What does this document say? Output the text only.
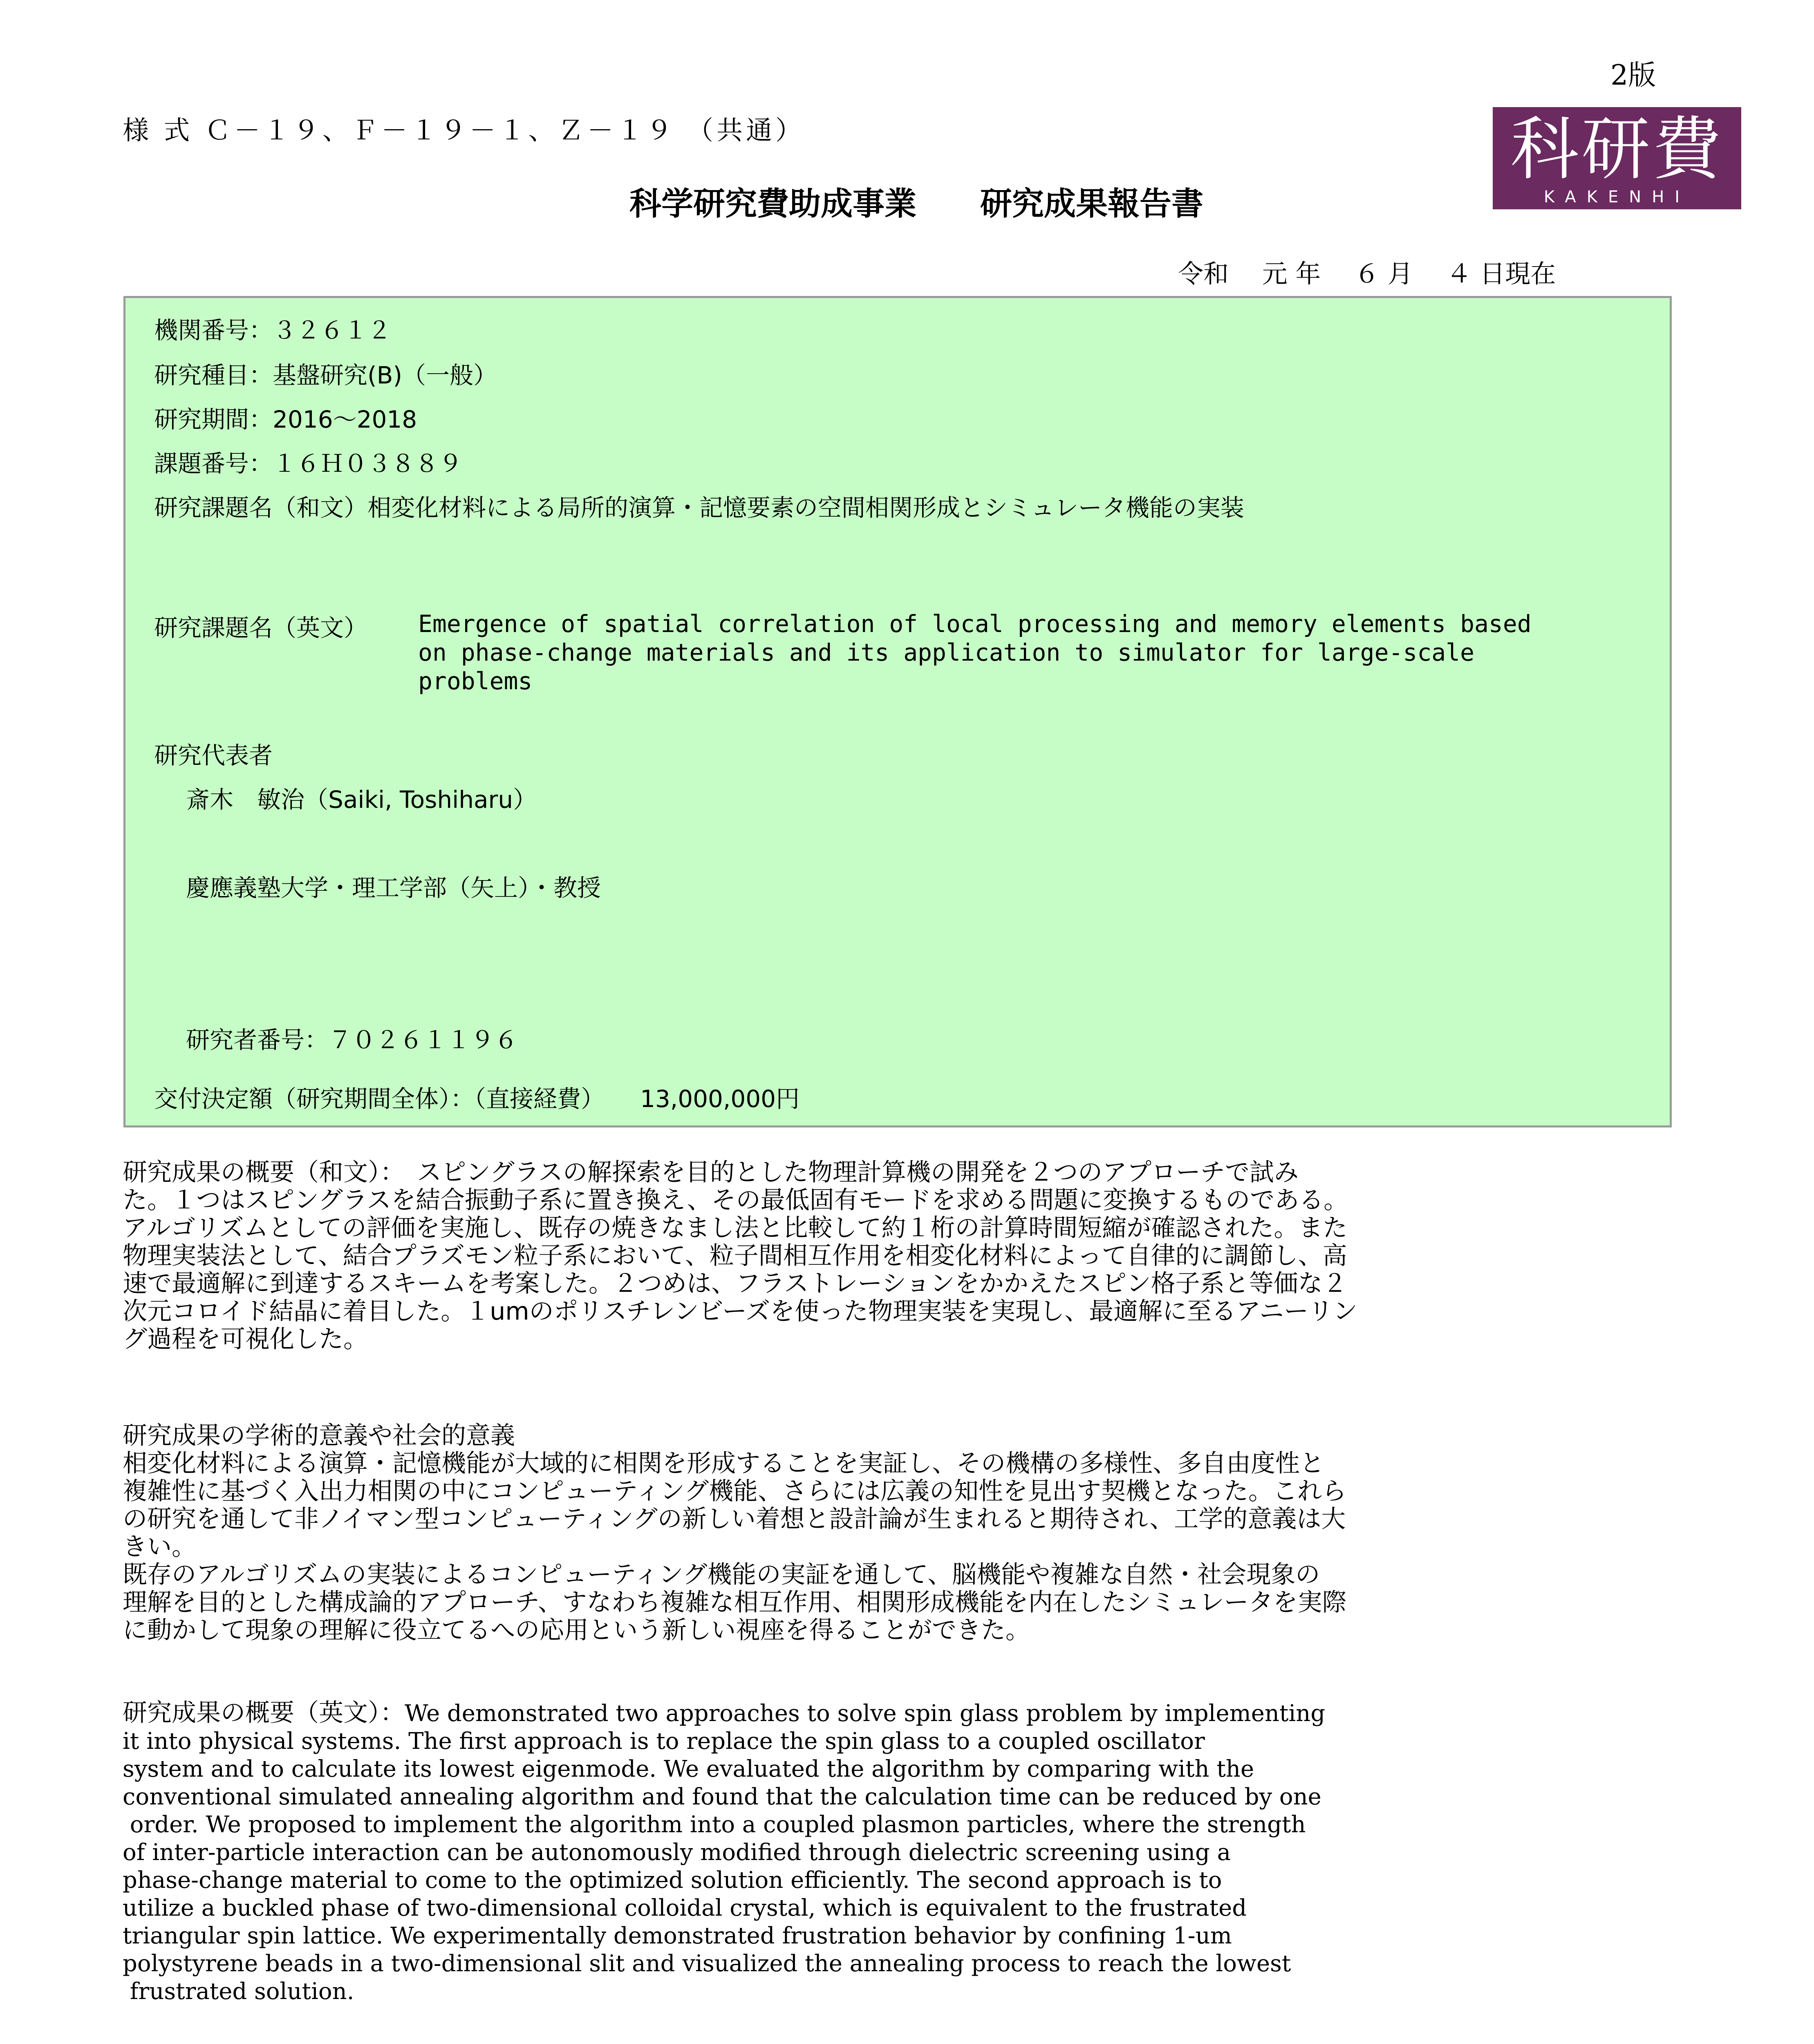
2版
様 式 Ｃ－１９、Ｆ－１９－１、Ｚ－１９ （共通）	科研費
KAKENHI
科学研究費助成事業　　研究成果報告書
令和　 元 年　 ６ 月　 ４ 日現在
機関番号：３２６１２
研究種目：基盤研究(B)（一般）
研究期間：2016～2018
課題番号：１６Ｈ０３８８９
研究課題名（和文）相変化材料による局所的演算・記憶要素の空間相関形成とシミュレータ機能の実装
研究課題名（英文） Emergence of spatial correlation of local processing and memory elements based
on phase-change materials and its application to simulator for large-scale
problems
研究代表者
斎木　敏治（Saiki, Toshiharu）
慶應義塾大学・理工学部（矢上）・教授
研究者番号：７０２６１１９６
交付決定額（研究期間全体）：（直接経費）　　13,000,000円
研究成果の概要（和文）：　スピングラスの解探索を目的とした物理計算機の開発を２つのアプローチで試み
た。１つはスピングラスを結合振動子系に置き換え、その最低固有モードを求める問題に変換するものである。
アルゴリズムとしての評価を実施し、既存の焼きなまし法と比較して約１桁の計算時間短縮が確認された。また
物理実装法として、結合プラズモン粒子系において、粒子間相互作用を相変化材料によって自律的に調節し、高
速で最適解に到達するスキームを考案した。２つめは、フラストレーションをかかえたスピン格子系と等価な２
次元コロイド結晶に着目した。１umのポリスチレンビーズを使った物理実装を実現し、最適解に至るアニーリン
グ過程を可視化した。
研究成果の学術的意義や社会的意義
相変化材料による演算・記憶機能が大域的に相関を形成することを実証し、その機構の多様性、多自由度性と
複雑性に基づく入出力相関の中にコンピューティング機能、さらには広義の知性を見出す契機となった。これら
の研究を通して非ノイマン型コンピューティングの新しい着想と設計論が生まれると期待され、工学的意義は大
きい。
既存のアルゴリズムの実装によるコンピューティング機能の実証を通して、脳機能や複雑な自然・社会現象の
理解を目的とした構成論的アプローチ、すなわち複雑な相互作用、相関形成機能を内在したシミュレータを実際
に動かして現象の理解に役立てるへの応用という新しい視座を得ることができた。
研究成果の概要（英文）：We demonstrated two approaches to solve spin glass problem by implementing
it into physical systems. The first approach is to replace the spin glass to a coupled oscillator
system and to calculate its lowest eigenmode. We evaluated the algorithm by comparing with the
conventional simulated annealing algorithm and found that the calculation time can be reduced by one
order. We proposed to implement the algorithm into a coupled plasmon particles, where the strength
of inter-particle interaction can be autonomously modified through dielectric screening using a
phase-change material to come to the optimized solution efficiently. The second approach is to
utilize a buckled phase of two-dimensional colloidal crystal, which is equivalent to the frustrated
triangular spin lattice. We experimentally demonstrated frustration behavior by confining 1-um
polystyrene beads in a two-dimensional slit and visualized the annealing process to reach the lowest
frustrated solution.
